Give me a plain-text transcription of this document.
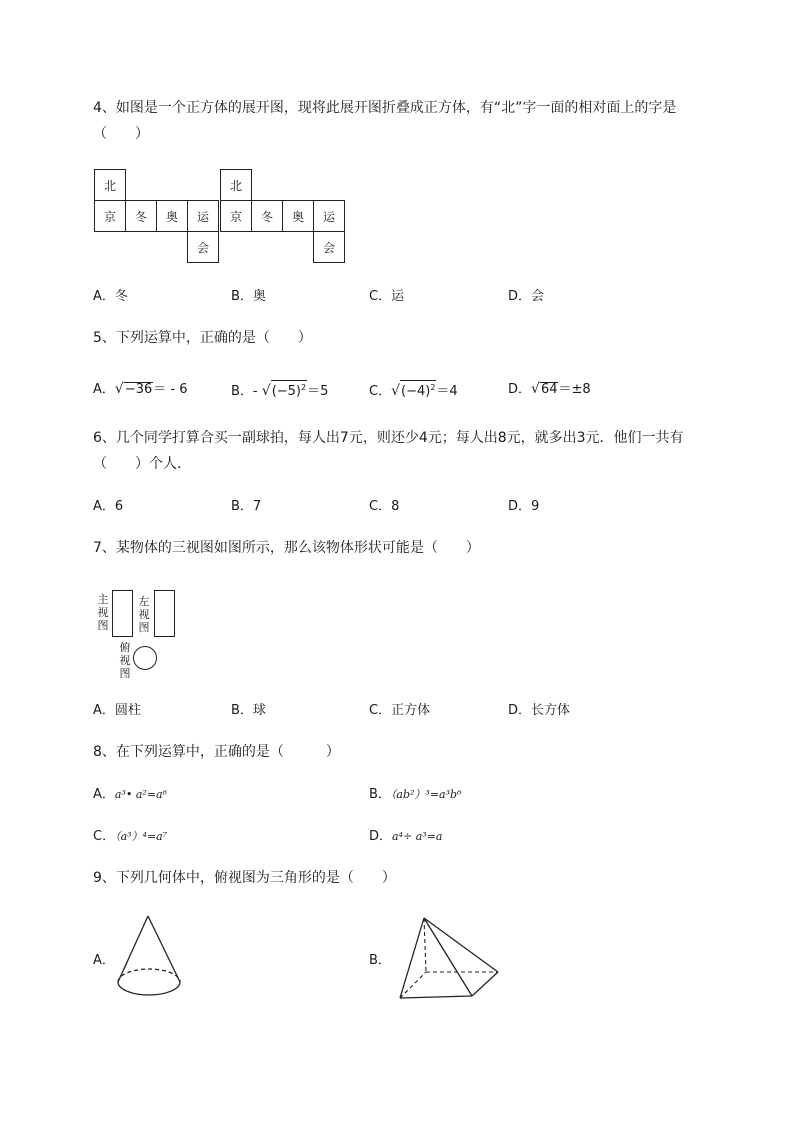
4、如图是一个正方体的展开图，现将此展开图折叠成正方体，有“北”字一面的相对面上的字是
（　　）
北
京	冬	奥	运
会
北
京	冬	奥	运
会
A．冬	B．奥	C．运	D．会
5、下列运算中，正确的是（　　）
A．√−36＝ - 6	B．- $√(-5)^2=5$	C．$√(-4)^2=4$	D．√64＝±8
6、几个同学打算合买一副球拍，每人出7元，则还少4元；每人出8元，就多出3元．他们一共有
（　　）个人．
A．6	B．7	C．8	D．9
7、某物体的三视图如图所示，那么该物体形状可能是（　　）
主
视
图
左
视
图
俯
视
图
A．圆柱	B．球	C．正方体	D．长方体
8、在下列运算中，正确的是（　　　）
A．a³• a²=a⁶	B．（ab²）³=a³b⁶
C．（a³）⁴=a⁷	D．a⁴÷ a³=a
9、下列几何体中，俯视图为三角形的是（　　）
A．	B．
